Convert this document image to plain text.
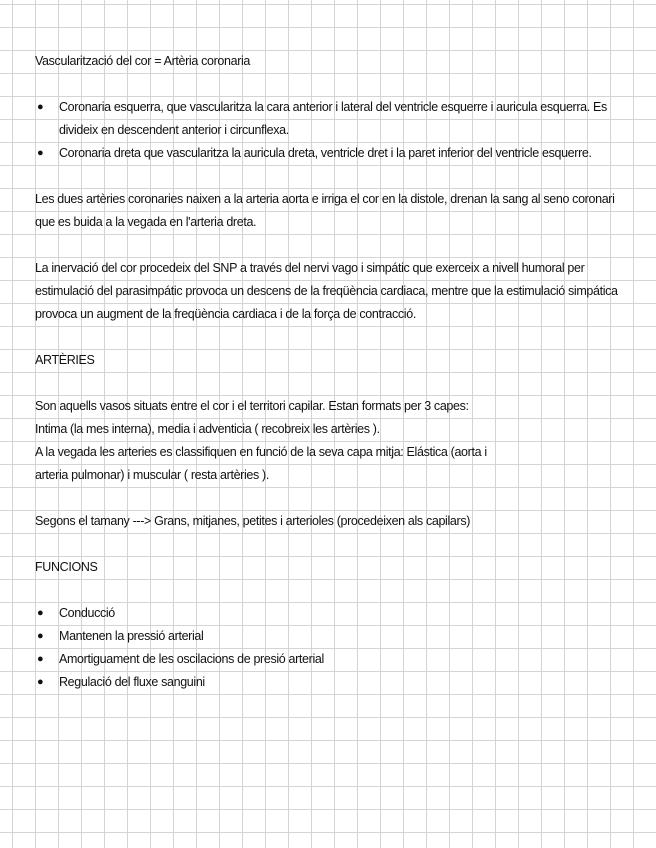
Vascularització del cor = Artèria coronaria
● Coronaria esquerra, que vascularitza la cara anterior i lateral del ventricle esquerre i auricula esquerra. Es divideix en descendent anterior i circunflexa.
● Coronaria dreta que vascularitza la auricula dreta, ventricle dret i la paret inferior del ventricle esquerre.

Les dues artèries coronaries naixen a la arteria aorta e irriga el cor en la distole, drenan la sang al seno coronari que es buida a la vegada en l'arteria dreta.

La inervació del cor procedeix del SNP a través del nervi vago i simpátic que exerceix a nivell humoral per estimulació del parasimpátic provoca un descens de la freqüència cardiaca, mentre que la estimulació simpática provoca un augment de la freqüència cardiaca i de la força de contracció.

ARTÈRIES
Son aquells vasos situats entre el cor i el territori capilar. Estan formats per 3 capes:
Intima (la mes interna), media i adventicia ( recobreix les artèries ).
A la vegada les arteries es classifiquen en funció de la seva capa mitja: Elástica (aorta i
arteria pulmonar) i muscular ( resta artèries ).
Segons el tamany ---> Grans, mitjanes, petites i arterioles (procedeixen als capilars)
FUNCIONS
● Conducció
● Mantenen la pressió arterial
● Amortiguament de les oscilacions de presió arterial
● Regulació del fluxe sanguini
